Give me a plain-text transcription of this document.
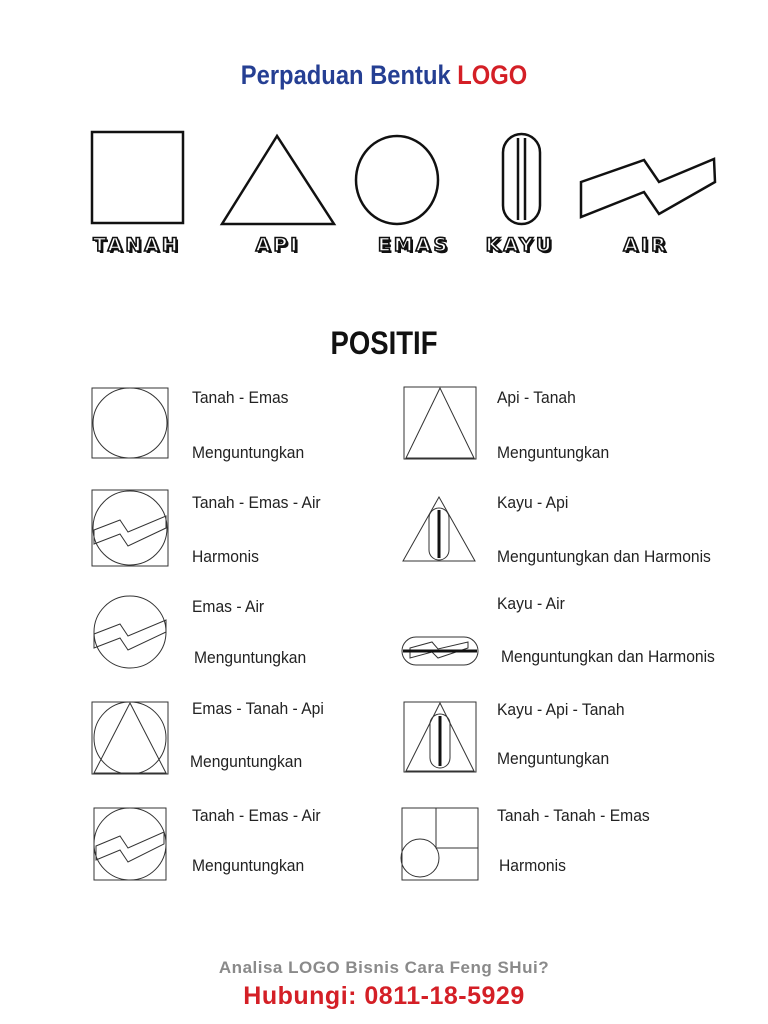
Perpaduan Bentuk LOGO
TANAH	API	EMAS	KAYU	AIR
POSITIF
Tanah - Emas
Menguntungkan
Tanah - Emas - Air
Harmonis
Emas - Air
Menguntungkan
Emas - Tanah - Api
Menguntungkan
Tanah - Emas - Air
Menguntungkan
Api - Tanah
Menguntungkan
Kayu - Api
Menguntungkan dan Harmonis
Kayu - Air
Menguntungkan dan Harmonis
Kayu - Api - Tanah
Menguntungkan
Tanah - Tanah - Emas
Harmonis
Analisa LOGO Bisnis Cara Feng SHui?
Hubungi: 0811-18-5929
